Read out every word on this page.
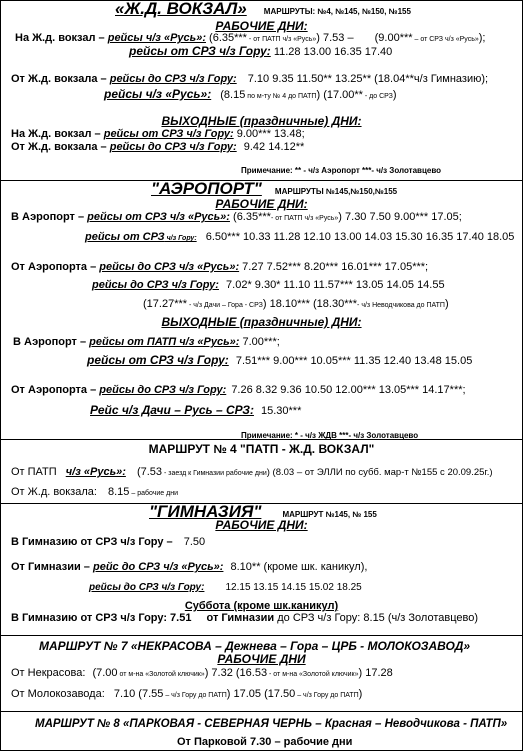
«Ж.Д. ВОКЗАЛ» МАРШРУТЫ: №4, №145, №150, №155
РАБОЧИЕ ДНИ:
На Ж.д. вокзал – рейсы ч/з «Русь»: (6.35*** - от ПАТП ч/з «Русь») 7.53 – (9.00*** – от СРЗ ч/з «Русь»);
рейсы от СРЗ ч/з Гору: 11.28 13.00 16.35 17.40
От Ж.д. вокзала – рейсы до СРЗ ч/з Гору: 7.10 9.35 11.50** 13.25** (18.04**ч/з Гимназию);
рейсы ч/з «Русь»: (8.15 по м-ту № 4 до ПАТП) (17.00** - до СРЗ)
ВЫХОДНЫЕ (праздничные) ДНИ:
На Ж.д. вокзал – рейсы от СРЗ ч/з Гору: 9.00*** 13.48;
От Ж.д. вокзала – рейсы до СРЗ ч/з Гору: 9.42 14.12**
Примечание: ** - ч/з Аэропорт ***- ч/з Золотавцево
"АЭРОПОРТ" МАРШРУТЫ №145,№150,№155
РАБОЧИЕ ДНИ:
В Аэропорт – рейсы от СРЗ ч/з «Русь»: (6.35***- от ПАТП ч/з «Русь») 7.30 7.50 9.00*** 17.05;
рейсы от СРЗ ч/з Гору: 6.50*** 10.33 11.28 12.10 13.00 14.03 15.30 16.35 17.40 18.05
От Аэропорта – рейсы до СРЗ ч/з «Русь»: 7.27 7.52*** 8.20*** 16.01*** 17.05***;
рейсы до СРЗ ч/з Гору: 7.02* 9.30* 11.10 11.57*** 13.05 14.05 14.55
(17.27*** - ч/з Дачи – Гора - СРЗ) 18.10*** (18.30***- ч/з Неводчикова до ПАТП)
ВЫХОДНЫЕ (праздничные) ДНИ:
В Аэропорт – рейсы от ПАТП ч/з «Русь»: 7.00***;
рейсы от СРЗ ч/з Гору: 7.51*** 9.00*** 10.05*** 11.35 12.40 13.48 15.05
От Аэропорта – рейсы до СРЗ ч/з Гору: 7.26 8.32 9.36 10.50 12.00*** 13.05*** 14.17***;
Рейс ч/з Дачи – Русь – СРЗ: 15.30***
Примечание: * - ч/з ЖДВ ***- ч/з Золотавцево
МАРШРУТ № 4 "ПАТП - Ж.Д. ВОКЗАЛ"
От ПАТП ч/з «Русь»: (7.53 - заезд к Гимназии рабочие дни) (8.03 – от ЭЛЛИ по субб. мар-т №155 с 20.09.25г.)
От Ж.д. вокзала: 8.15 – рабочие дни
"ГИМНАЗИЯ"	МАРШРУТ №145, № 155
РАБОЧИЕ ДНИ:
В Гимназию от СРЗ ч/з Гору – 7.50
От Гимназии – рейс до СРЗ ч/з «Русь»: 8.10** (кроме шк. каникул),
рейсы до СРЗ ч/з Гору: 12.15 13.15 14.15 15.02 18.25
Суббота (кроме шк.каникул)
В Гимназию от СРЗ ч/з Гору: 7.51 от Гимназии до СРЗ ч/з Гору: 8.15 (ч/з Золотавцево)
МАРШРУТ № 7 «НЕКРАСОВА – Дежнева – Гора – ЦРБ - МОЛОКОЗАВОД»
РАБОЧИЕ ДНИ
От Некрасова: (7.00 от м-на «Золотой ключик») 7.32 (16.53 - от м-на «Золотой ключик») 17.28
От Молокозавода: 7.10 (7.55 – ч/з Гору до ПАТП) 17.05 (17.50 – ч/з Гору до ПАТП)
МАРШРУТ № 8 «ПАРКОВАЯ - СЕВЕРНАЯ ЧЕРНЬ – Красная – Неводчикова - ПАТП»
От Парковой 7.30 – рабочие дни
